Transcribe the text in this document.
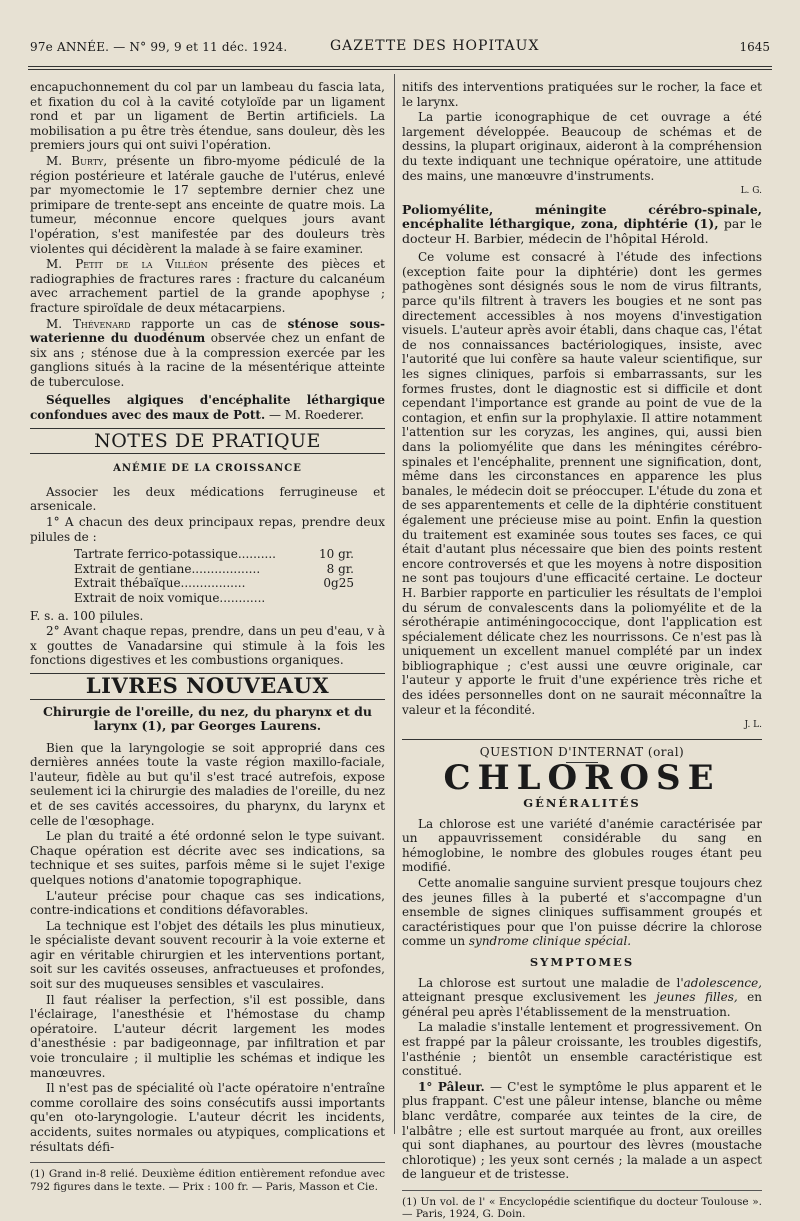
97e ANNÉE. — N° 99, 9 et 11 déc. 1924.	GAZETTE DES HOPITAUX	1645

encapuchonnement du col par un lambeau du fascia lata, et fixation du col à la cavité cotyloïde par un ligament rond et par un ligament de Bertin artificiels. La mobilisation a pu être très étendue, sans douleur, dès les premiers jours qui ont suivi l'opération.

M. Burty, présente un fibro-myome pédiculé de la région postérieure et latérale gauche de l'utérus, enlevé par myomectomie le 17 septembre dernier chez une primipare de trente-sept ans enceinte de quatre mois. La tumeur, méconnue encore quelques jours avant l'opération, s'est manifestée par des douleurs très violentes qui décidèrent la malade à se faire examiner.

M. Petit de la Villéon présente des pièces et radiographies de fractures rares : fracture du calcanéum avec arrachement partiel de la grande apophyse ; fracture spiroïdale de deux métacarpiens.

M. Thévenard rapporte un cas de sténose sous-waterienne du duodénum observée chez un enfant de six ans ; sténose due à la compression exercée par les ganglions situés à la racine de la mésentérique atteinte de tuberculose.

Séquelles algiques d'encéphalite léthargique confondues avec des maux de Pott. — M. Roederer.

NOTES DE PRATIQUE
ANÉMIE DE LA CROISSANCE

Associer les deux médications ferrugineuse et arsenicale.

1° A chacun des deux principaux repas, prendre deux pilules de :

Tartrate ferrico-potassique..........	10 gr.
Extrait de gentiane..................	8 gr.
Extrait thébaïque.................	0g25
Extrait de noix vomique............

F. s. a. 100 pilules.

2° Avant chaque repas, prendre, dans un peu d'eau, v à x gouttes de Vanadarsine qui stimule à la fois les fonctions digestives et les combustions organiques.

LIVRES NOUVEAUX
Chirurgie de l'oreille, du nez, du pharynx et du larynx (1), par Georges Laurens.

Bien que la laryngologie se soit approprié dans ces dernières années toute la vaste région maxillo-faciale, l'auteur, fidèle au but qu'il s'est tracé autrefois, expose seulement ici la chirurgie des maladies de l'oreille, du nez et de ses cavités accessoires, du pharynx, du larynx et celle de l'œsophage.

Le plan du traité a été ordonné selon le type suivant. Chaque opération est décrite avec ses indications, sa technique et ses suites, parfois même si le sujet l'exige quelques notions d'anatomie topographique.

L'auteur précise pour chaque cas ses indications, contre-indications et conditions défavorables.

La technique est l'objet des détails les plus minutieux, le spécialiste devant souvent recourir à la voie externe et agir en véritable chirurgien et les interventions portant, soit sur les cavités osseuses, anfractueuses et profondes, soit sur des muqueuses sensibles et vasculaires.

Il faut réaliser la perfection, s'il est possible, dans l'éclairage, l'anesthésie et l'hémostase du champ opératoire. L'auteur décrit largement les modes d'anesthésie : par badigeonnage, par infiltration et par voie tronculaire ; il multiplie les schémas et indique les manœuvres.

Il n'est pas de spécialité où l'acte opératoire n'entraîne comme corollaire des soins consécutifs aussi importants qu'en oto-laryngologie. L'auteur décrit les incidents, accidents, suites normales ou atypiques, complications et résultats défi-

(1) Grand in-8 relié. Deuxième édition entièrement refondue avec 792 figures dans le texte. — Prix : 100 fr. — Paris, Masson et Cie.

nitifs des interventions pratiquées sur le rocher, la face et le larynx.

La partie iconographique de cet ouvrage a été largement développée. Beaucoup de schémas et de dessins, la plupart originaux, aideront à la compréhension du texte indiquant une technique opératoire, une attitude des mains, une manœuvre d'instruments.

L. G.
Poliomyélite, méningite cérébro-spinale, encéphalite léthargique, zona, diphtérie (1), par le docteur H. Barbier, médecin de l'hôpital Hérold.

Ce volume est consacré à l'étude des infections (exception faite pour la diphtérie) dont les germes pathogènes sont désignés sous le nom de virus filtrants, parce qu'ils filtrent à travers les bougies et ne sont pas directement accessibles à nos moyens d'investigation visuels. L'auteur après avoir établi, dans chaque cas, l'état de nos connaissances bactériologiques, insiste, avec l'autorité que lui confère sa haute valeur scientifique, sur les signes cliniques, parfois si embarrassants, sur les formes frustes, dont le diagnostic est si difficile et dont cependant l'importance est grande au point de vue de la contagion, et enfin sur la prophylaxie. Il attire notamment l'attention sur les coryzas, les angines, qui, aussi bien dans la poliomyélite que dans les méningites cérébro-spinales et l'encéphalite, prennent une signification, dont, même dans les circonstances en apparence les plus banales, le médecin doit se préoccuper. L'étude du zona et de ses apparentements et celle de la diphtérie constituent également une précieuse mise au point. Enfin la question du traitement est examinée sous toutes ses faces, ce qui était d'autant plus nécessaire que bien des points restent encore controversés et que les moyens à notre disposition ne sont pas toujours d'une efficacité certaine. Le docteur H. Barbier rapporte en particulier les résultats de l'emploi du sérum de convalescents dans la poliomyélite et de la sérothérapie antiméningococcique, dont l'application est spécialement délicate chez les nourrissons. Ce n'est pas là uniquement un excellent manuel complété par un index bibliographique ; c'est aussi une œuvre originale, car l'auteur y apporte le fruit d'une expérience très riche et des idées personnelles dont on ne saurait méconnaître la valeur et la fécondité.

J. L.
QUESTION D'INTERNAT (oral)
CHLOROSE
GÉNÉRALITÉS

La chlorose est une variété d'anémie caractérisée par un appauvrissement considérable du sang en hémoglobine, le nombre des globules rouges étant peu modifié.

Cette anomalie sanguine survient presque toujours chez des jeunes filles à la puberté et s'accompagne d'un ensemble de signes cliniques suffisamment groupés et caractéristiques pour que l'on puisse décrire la chlorose comme un syndrome clinique spécial.

SYMPTOMES

La chlorose est surtout une maladie de l'adolescence, atteignant presque exclusivement les jeunes filles, en général peu après l'établissement de la menstruation.

La maladie s'installe lentement et progressivement. On est frappé par la pâleur croissante, les troubles digestifs, l'asthénie ; bientôt un ensemble caractéristique est constitué.

1° Pâleur. — C'est le symptôme le plus apparent et le plus frappant. C'est une pâleur intense, blanche ou même blanc verdâtre, comparée aux teintes de la cire, de l'albâtre ; elle est surtout marquée au front, aux oreilles qui sont diaphanes, au pourtour des lèvres (moustache chlorotique) ; les yeux sont cernés ; la malade a un aspect de langueur et de tristesse.

(1) Un vol. de l' « Encyclopédie scientifique du docteur Toulouse ». — Paris, 1924, G. Doin.
